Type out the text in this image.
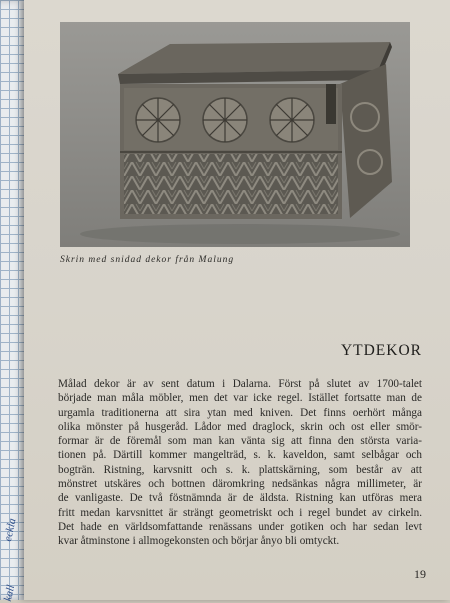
kall
eckla
Skrin med snidad dekor från Malung
YTDEKOR
Målad dekor är av sent datum i Dalarna. Först på slutet av 1700-talet
började man måla möbler, men det var icke regel. Istället fortsatte man de
urgamla traditionerna att sira ytan med kniven. Det finns oerhört många
olika mönster på husgeråd. Lådor med draglock, skrin och ost eller smör-
formar är de föremål som man kan vänta sig att finna den största varia-
tionen på. Därtill kommer mangelträd, s. k. kaveldon, samt selbågar och
bogträn. Ristning, karvsnitt och s. k. plattskärning, som består av att
mönstret utskäres och bottnen däromkring nedsänkas några millimeter, är
de vanligaste. De två föstnämnda är de äldsta. Ristning kan utföras mera
fritt medan karvsnittet är strängt geometriskt och i regel bundet av cirkeln.
Det hade en världsomfattande renässans under gotiken och har sedan levt
kvar åtminstone i allmogekonsten och börjar ånyo bli omtyckt.
19
